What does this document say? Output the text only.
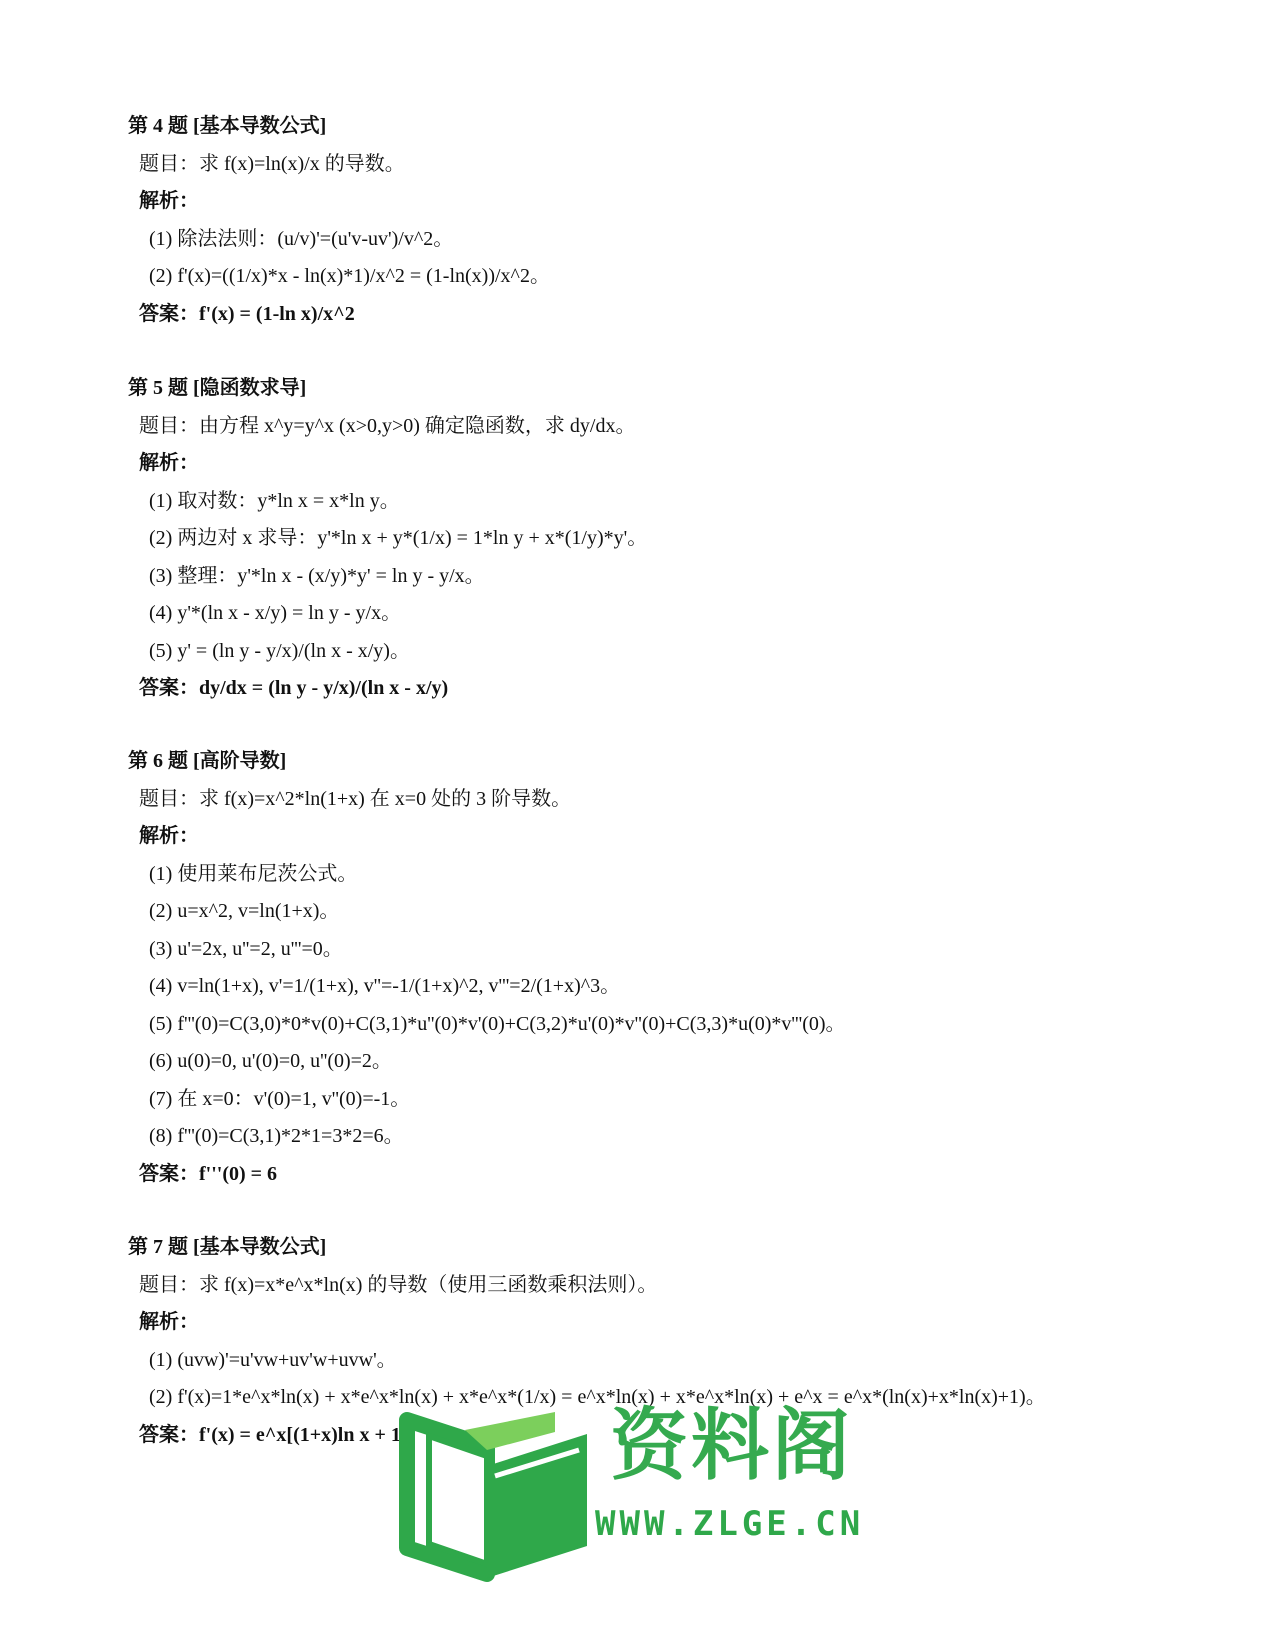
第 4 题 [基本导数公式]
题目：求 f(x)=ln(x)/x 的导数。
解析：
(1) 除法法则：(u/v)'=(u'v-uv')/v^2。
(2) f'(x)=((1/x)*x - ln(x)*1)/x^2 = (1-ln(x))/x^2。
答案：f'(x) = (1-ln x)/x^2
第 5 题 [隐函数求导]
题目：由方程 x^y=y^x (x>0,y>0) 确定隐函数，求 dy/dx。
解析：
(1) 取对数：y*ln x = x*ln y。
(2) 两边对 x 求导：y'*ln x + y*(1/x) = 1*ln y + x*(1/y)*y'。
(3) 整理：y'*ln x - (x/y)*y' = ln y - y/x。
(4) y'*(ln x - x/y) = ln y - y/x。
(5) y' = (ln y - y/x)/(ln x - x/y)。
答案：dy/dx = (ln y - y/x)/(ln x - x/y)
第 6 题 [高阶导数]
题目：求 f(x)=x^2*ln(1+x) 在 x=0 处的 3 阶导数。
解析：
(1) 使用莱布尼茨公式。
(2) u=x^2, v=ln(1+x)。
(3) u'=2x, u''=2, u'''=0。
(4) v=ln(1+x), v'=1/(1+x), v''=-1/(1+x)^2, v'''=2/(1+x)^3。
(5) f'''(0)=C(3,0)*0*v(0)+C(3,1)*u''(0)*v'(0)+C(3,2)*u'(0)*v''(0)+C(3,3)*u(0)*v'''(0)。
(6) u(0)=0, u'(0)=0, u''(0)=2。
(7) 在 x=0：v'(0)=1, v''(0)=-1。
(8) f'''(0)=C(3,1)*2*1=3*2=6。
答案：f'''(0) = 6
第 7 题 [基本导数公式]
题目：求 f(x)=x*e^x*ln(x) 的导数（使用三函数乘积法则）。
解析：
(1) (uvw)'=u'vw+uv'w+uvw'。
(2) f'(x)=1*e^x*ln(x) + x*e^x*ln(x) + x*e^x*(1/x) = e^x*ln(x) + x*e^x*ln(x) + e^x = e^x*(ln(x)+x*ln(x)+1)。
答案：f'(x) = e^x[(1+x)ln x + 1]	资料阁
WWW.ZLGE.CN
